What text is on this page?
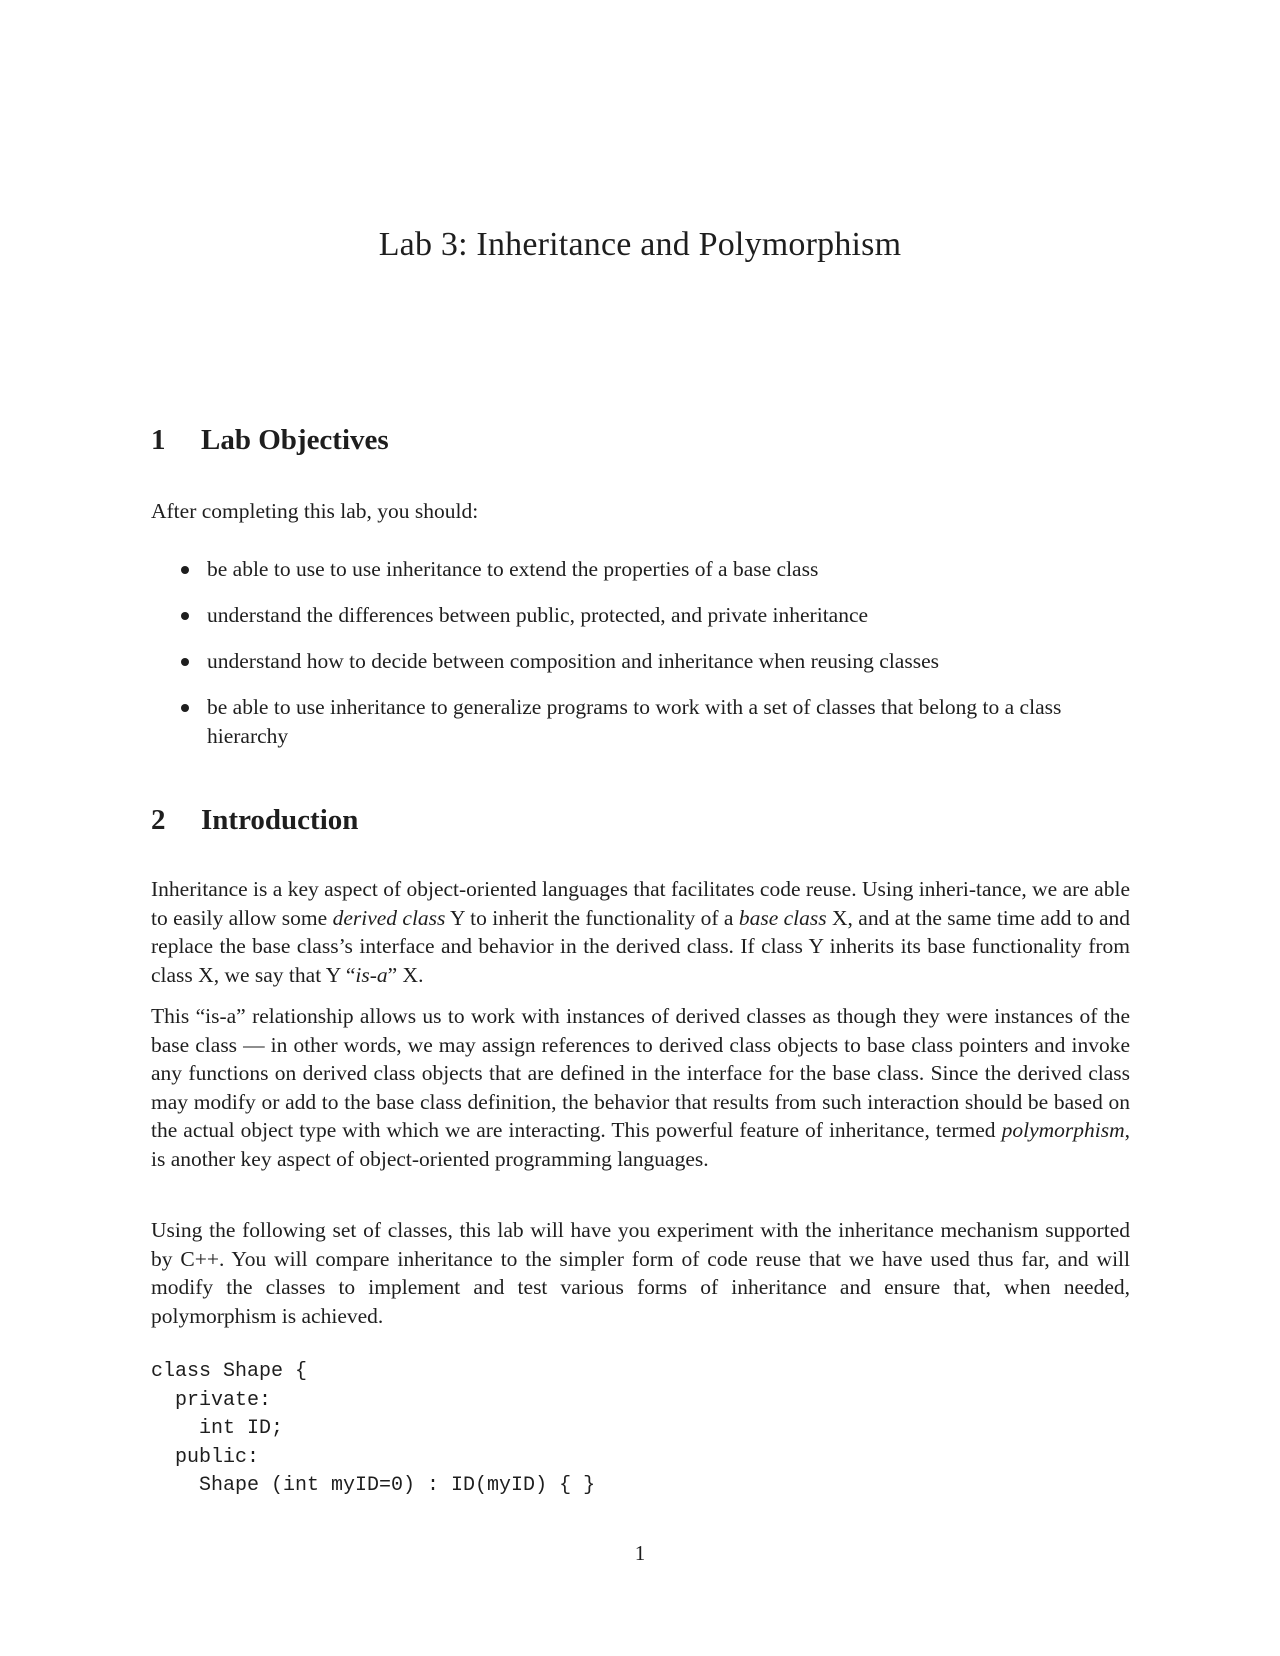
Lab 3: Inheritance and Polymorphism
1 Lab Objectives

After completing this lab, you should:

be able to use to use inheritance to extend the properties of a base class
understand the differences between public, protected, and private inheritance
understand how to decide between composition and inheritance when reusing classes
be able to use inheritance to generalize programs to work with a set of classes that belong to a class hierarchy
2 Introduction

Inheritance is a key aspect of object-oriented languages that facilitates code reuse. Using inheri-tance, we are able to easily allow some derived class Y to inherit the functionality of a base class X, and at the same time add to and replace the base class’s interface and behavior in the derived class. If class Y inherits its base functionality from class X, we say that Y “is-a” X.

This “is-a” relationship allows us to work with instances of derived classes as though they were instances of the base class — in other words, we may assign references to derived class objects to base class pointers and invoke any functions on derived class objects that are defined in the interface for the base class. Since the derived class may modify or add to the base class definition, the behavior that results from such interaction should be based on the actual object type with which we are interacting. This powerful feature of inheritance, termed polymorphism, is another key aspect of object-oriented programming languages.

Using the following set of classes, this lab will have you experiment with the inheritance mechanism supported by C++. You will compare inheritance to the simpler form of code reuse that we have used thus far, and will modify the classes to implement and test various forms of inheritance and ensure that, when needed, polymorphism is achieved.

class Shape {
private:
int ID;
public:
Shape (int myID=0) : ID(myID) { }
1
